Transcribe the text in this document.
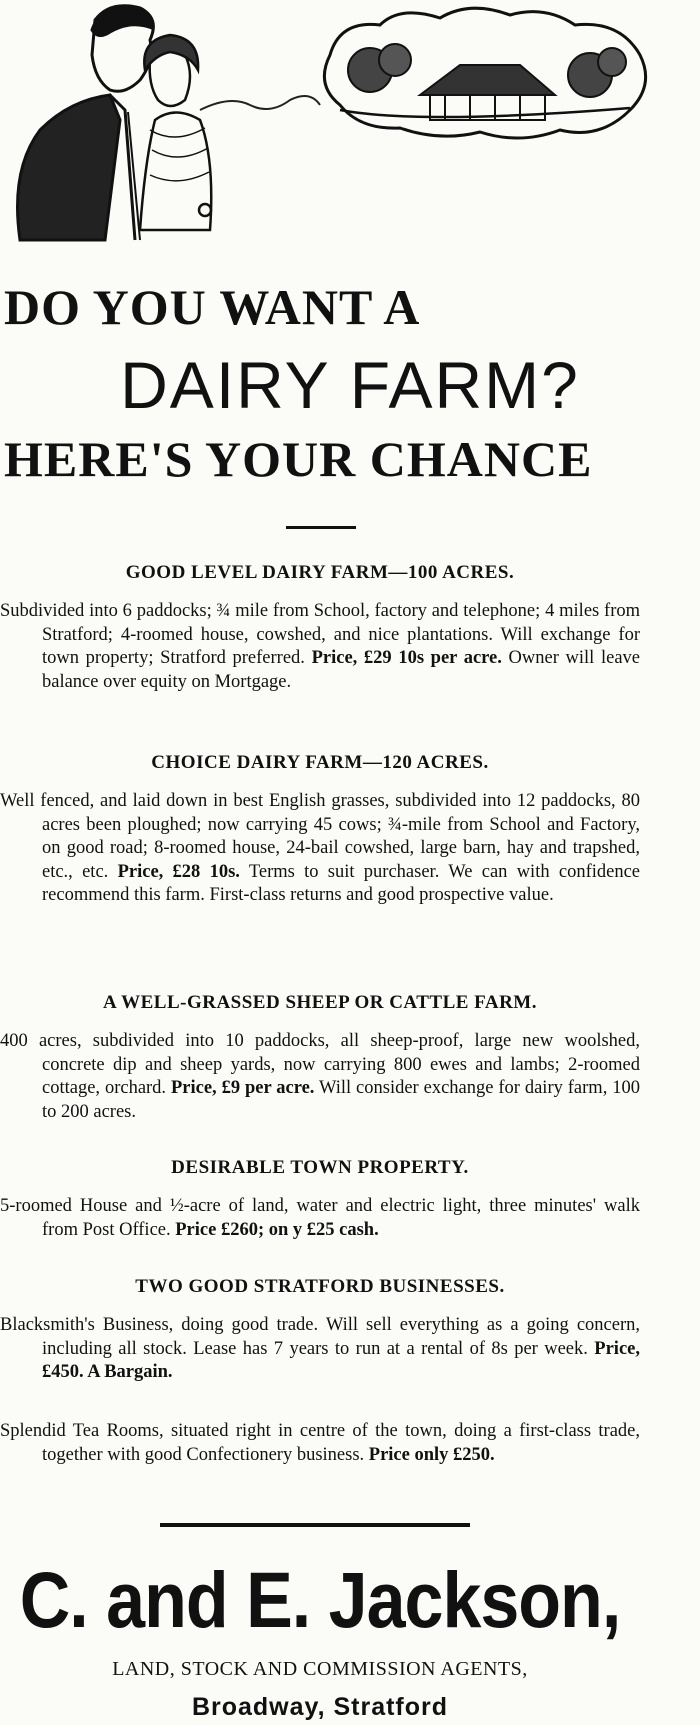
DO YOU WANT A
DAIRY FARM?
HERE'S YOUR CHANCE
GOOD LEVEL DAIRY FARM—100 ACRES.

Subdivided into 6 paddocks; ¾ mile from School, factory and telephone; 4 miles from Stratford; 4-roomed house, cowshed, and nice plantations. Will exchange for town property; Stratford preferred. Price, £29 10s per acre. Owner will leave balance over equity on Mortgage.

CHOICE DAIRY FARM—120 ACRES.

Well fenced, and laid down in best English grasses, subdivided into 12 paddocks, 80 acres been ploughed; now carrying 45 cows; ¾-mile from School and Factory, on good road; 8-roomed house, 24-bail cowshed, large barn, hay and trapshed, etc., etc. Price, £28 10s. Terms to suit purchaser. We can with confidence recommend this farm. First-class returns and good prospective value.

A WELL-GRASSED SHEEP OR CATTLE FARM.

400 acres, subdivided into 10 paddocks, all sheep-proof, large new woolshed, concrete dip and sheep yards, now carrying 800 ewes and lambs; 2-roomed cottage, orchard. Price, £9 per acre. Will consider exchange for dairy farm, 100 to 200 acres.

DESIRABLE TOWN PROPERTY.

5-roomed House and ½-acre of land, water and electric light, three minutes' walk from Post Office. Price £260; on y £25 cash.

TWO GOOD STRATFORD BUSINESSES.

Blacksmith's Business, doing good trade. Will sell everything as a going concern, including all stock. Lease has 7 years to run at a rental of 8s per week. Price, £450. A Bargain.

Splendid Tea Rooms, situated right in centre of the town, doing a first-class trade, together with good Confectionery business. Price only £250.

C. and E. Jackson,
LAND, STOCK AND COMMISSION AGENTS,
Broadway, Stratford
